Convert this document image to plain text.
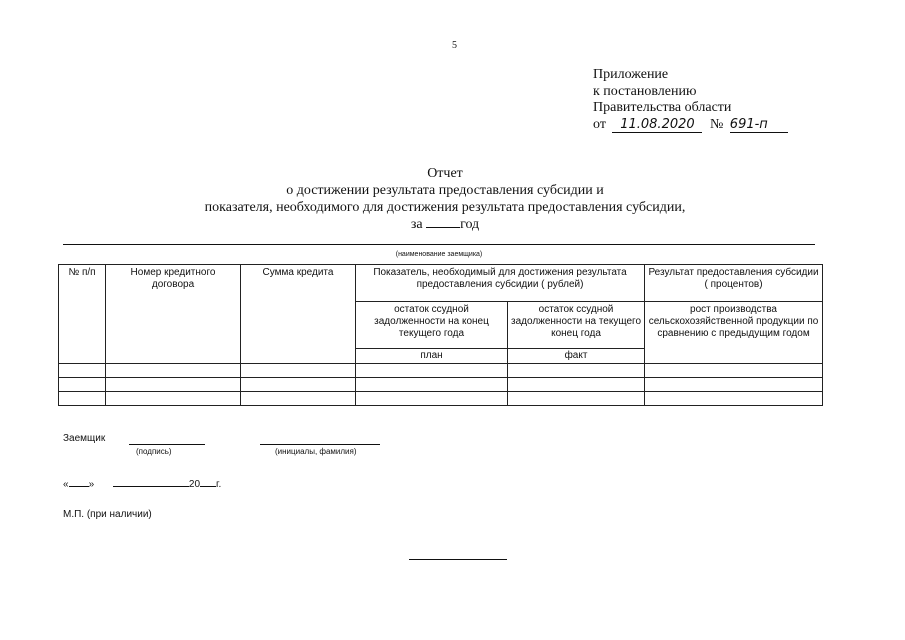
5
Приложение
к постановлению
Правительства области
от 11.08.2020 № 691-п
Отчет
о достижении результата предоставления субсидии и
показателя, необходимого для достижения результата предоставления субсидии,
за	год
(наименование заемщика)
№ п/п	Номер кредитного договора	Сумма кредита	Показатель, необходимый для достижения результата предоставления субсидии ( рублей)		Результат предоставления субсидии ( процентов)
			остаток ссудной задолженности на конец текущего года	остаток ссудной задолженности на текущего конец года	рост производства сельскохозяйственной продукции по сравнению с предыдущим годом
			план	факт	

Заемщик
(подпись)	(инициалы, фамилия)
« »	20 г.
М.П. (при наличии)
